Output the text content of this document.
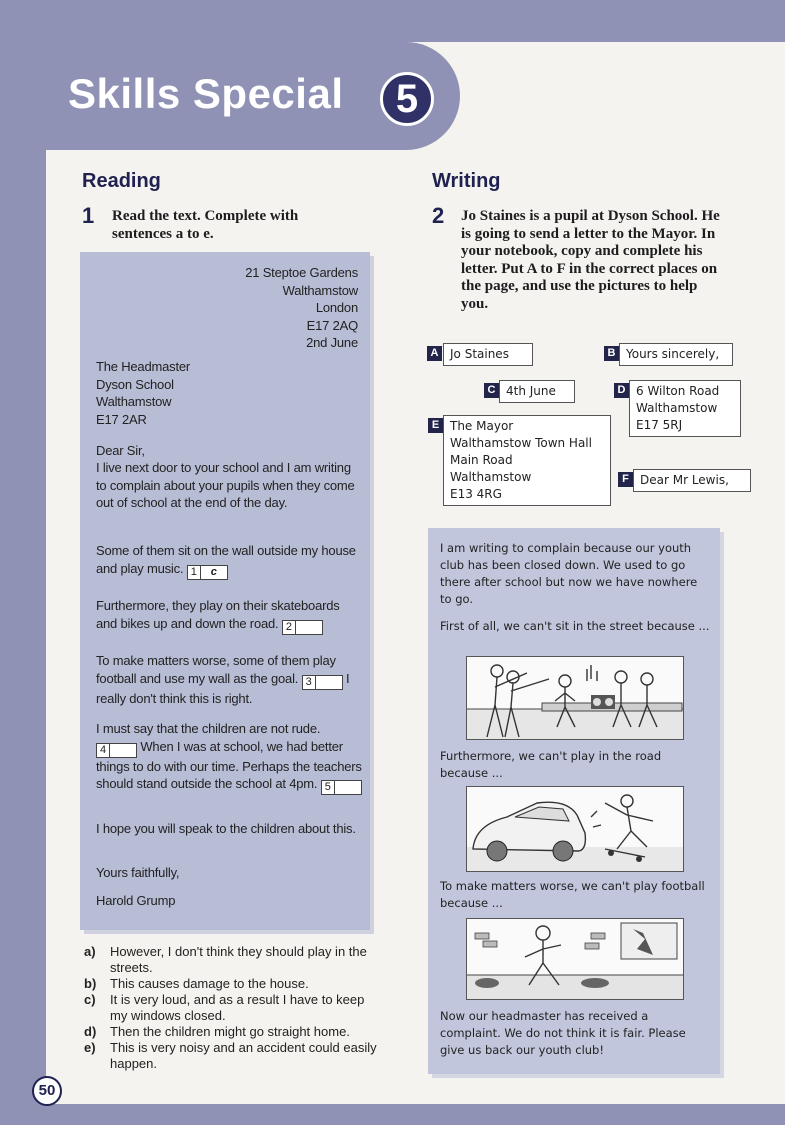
Skills Special	5
Reading
1 Read the text. Complete with sentences a to e.
21 Steptoe Gardens
Walthamstow
London
E17 2AQ
2nd June
The Headmaster
Dyson School
Walthamstow
E17 2AR
Dear Sir,
I live next door to your school and I am writing to complain about your pupils when they come out of school at the end of the day.
Some of them sit on the wall outside my house and play music. 1 c
Furthermore, they play on their skateboards and bikes up and down the road. 2
To make matters worse, some of them play football and use my wall as the goal. 3	I really don't think this is right.
I must say that the children are not rude. 4	When I was at school, we had better things to do with our time. Perhaps the teachers should stand outside the school at 4pm. 5
I hope you will speak to the children about this.
Yours faithfully,
Harold Grump
a)	However, I don't think they should play in the streets.
b)	This causes damage to the house.
c)	It is very loud, and as a result I have to keep my windows closed.
d)	Then the children might go straight home.
e)	This is very noisy and an accident could easily happen.
Writing
2 Jo Staines is a pupil at Dyson School. He is going to send a letter to the Mayor. In your notebook, copy and complete his letter. Put A to F in the correct places on the page, and use the pictures to help you.
A Jo Staines	B Yours sincerely,
C 4th June	D 6 Wilton Road
Walthamstow
E17 5RJ
E The Mayor
Walthamstow Town Hall
Main Road
Walthamstow
E13 4RG
F Dear Mr Lewis,
I am writing to complain because our youth club has been closed down. We used to go there after school but now we have nowhere to go.
First of all, we can't sit in the street because ...
Furthermore, we can't play in the road because ...
To make matters worse, we can't play football because ...
Now our headmaster has received a complaint. We do not think it is fair. Please give us back our youth club!
50
